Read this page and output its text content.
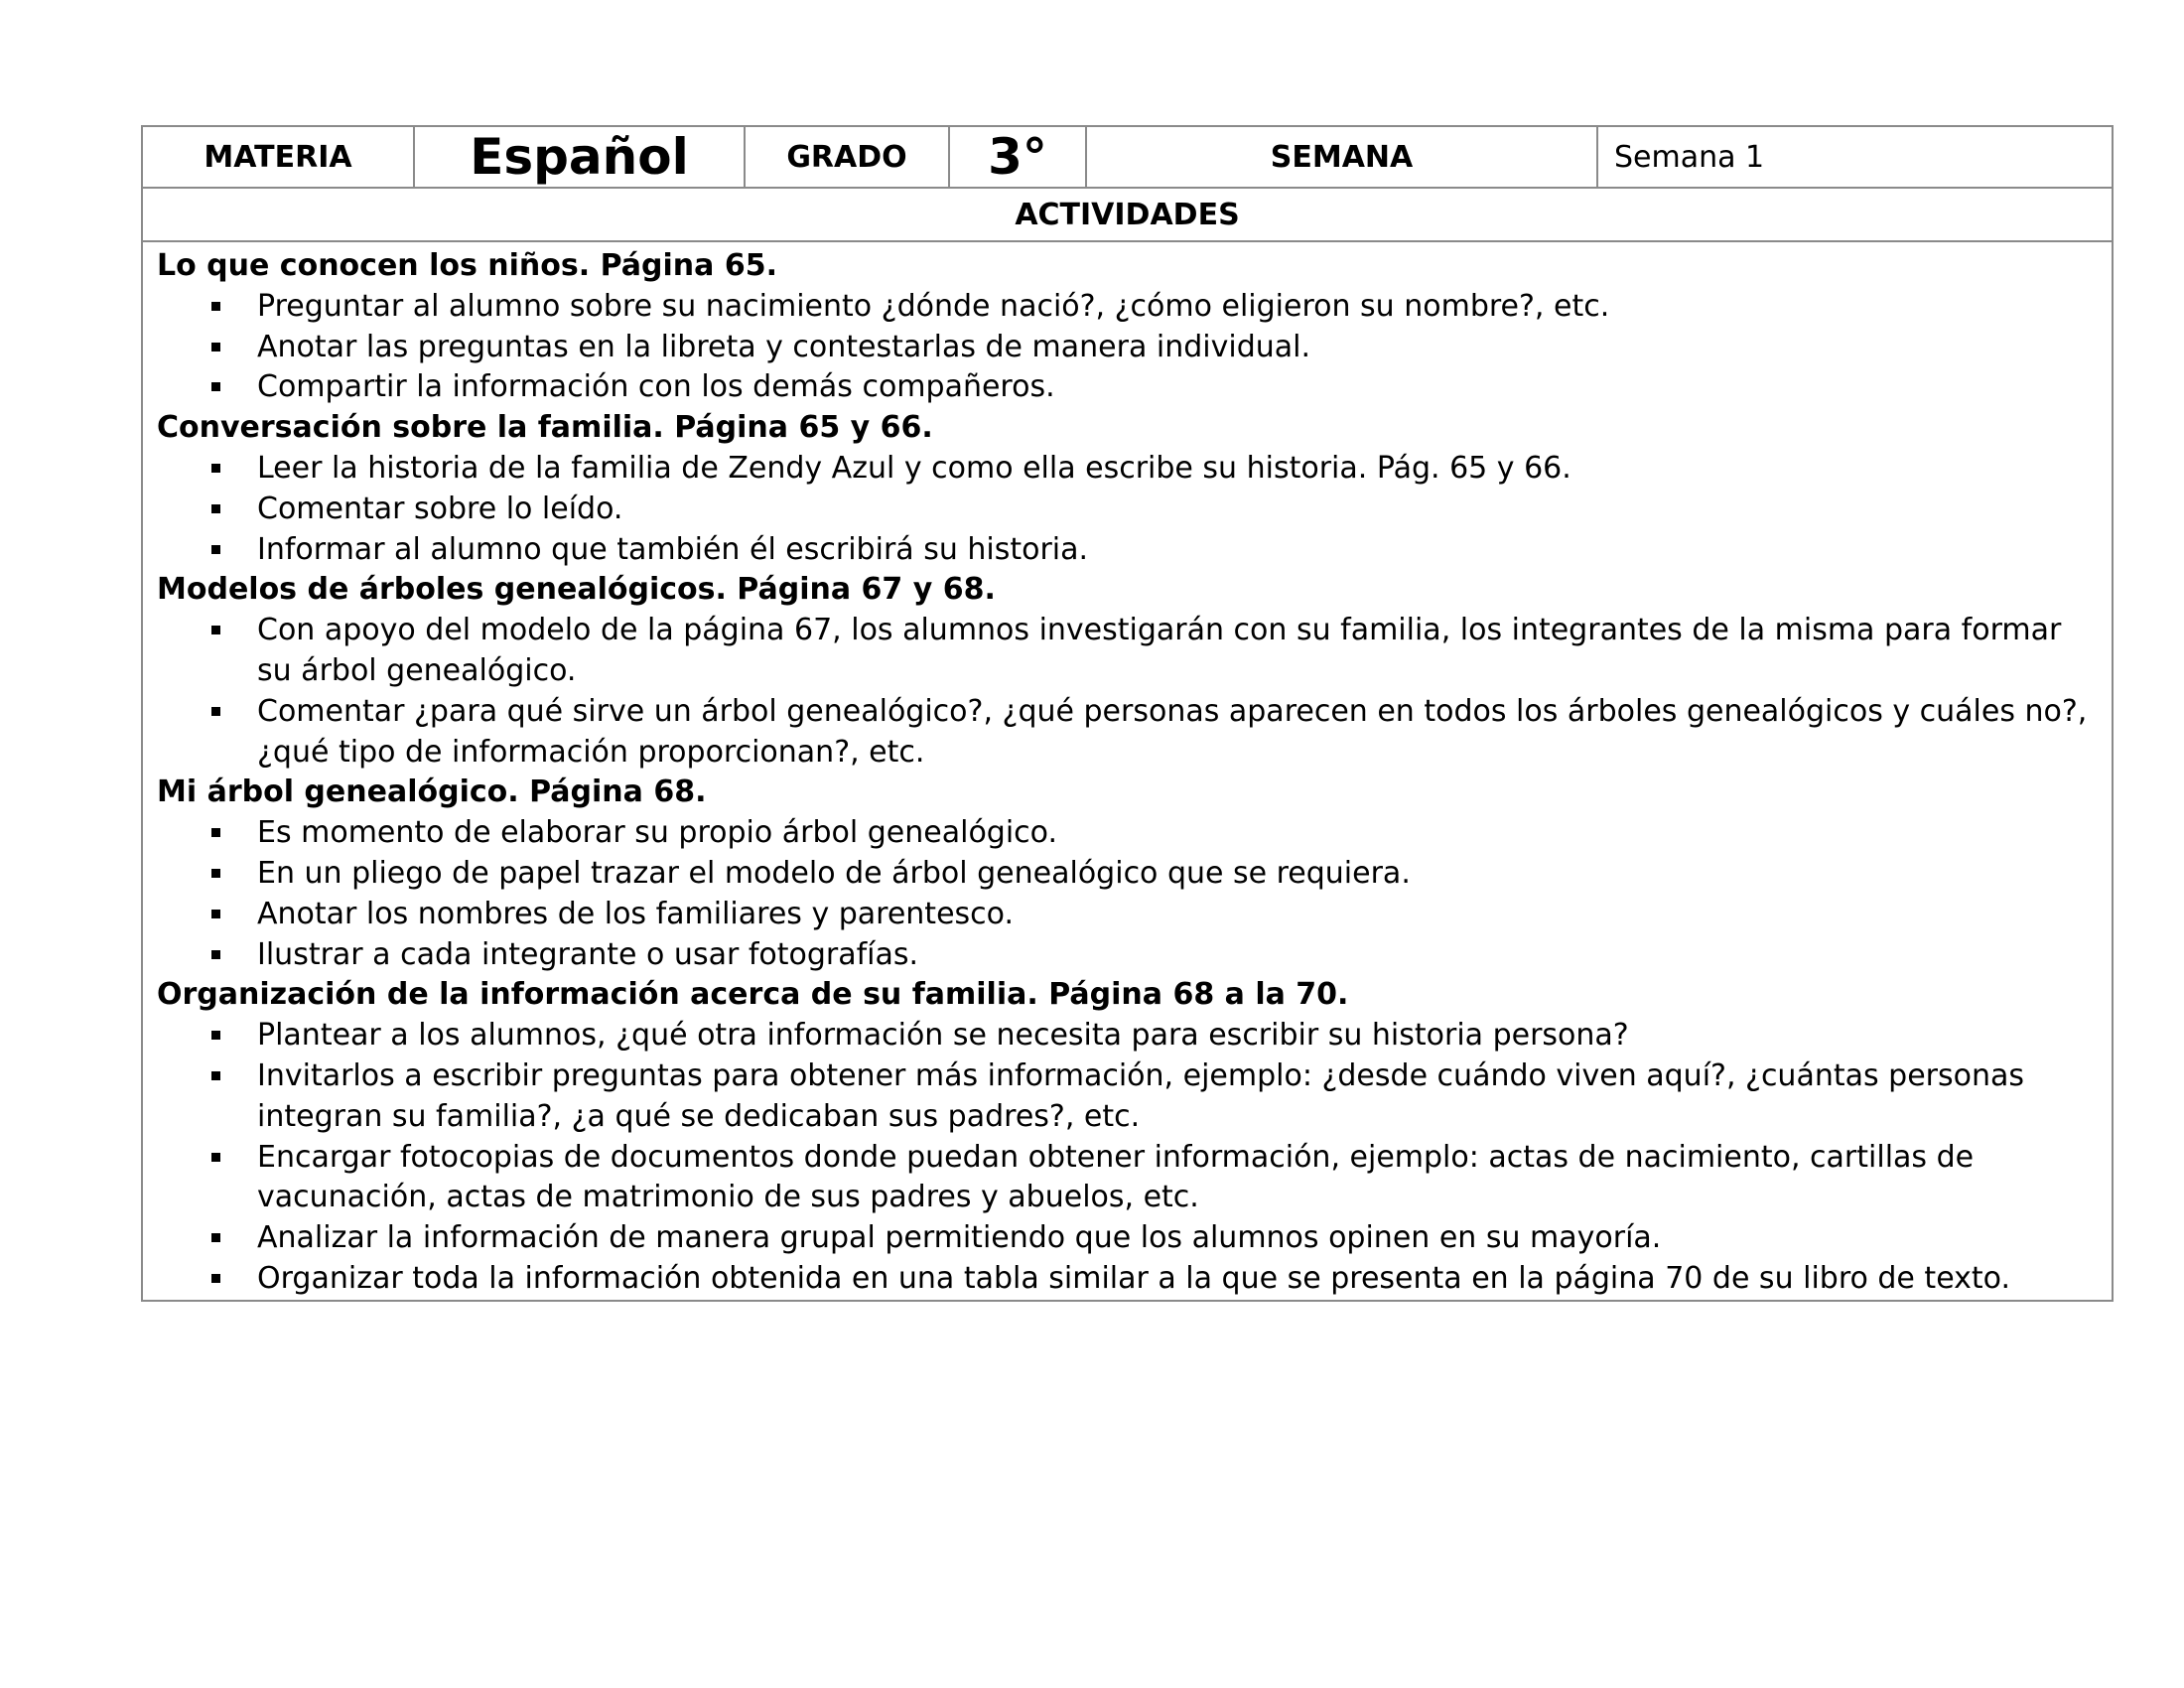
MATERIA	Español	GRADO	3°	SEMANA	Semana 1
ACTIVIDADES
Lo que conocen los niños. Página 65.
Preguntar al alumno sobre su nacimiento ¿dónde nació?, ¿cómo eligieron su nombre?, etc.
Anotar las preguntas en la libreta y contestarlas de manera individual.
Compartir la información con los demás compañeros.
Conversación sobre la familia. Página 65 y 66.
Leer la historia de la familia de Zendy Azul y como ella escribe su historia. Pág. 65 y 66.
Comentar sobre lo leído.
Informar al alumno que también él escribirá su historia.
Modelos de árboles genealógicos. Página 67 y 68.
Con apoyo del modelo de la página 67, los alumnos investigarán con su familia, los integrantes de la misma para formar su árbol genealógico.
Comentar ¿para qué sirve un árbol genealógico?, ¿qué personas aparecen en todos los árboles genealógicos y cuáles no?, ¿qué tipo de información proporcionan?, etc.
Mi árbol genealógico. Página 68.
Es momento de elaborar su propio árbol genealógico.
En un pliego de papel trazar el modelo de árbol genealógico que se requiera.
Anotar los nombres de los familiares y parentesco.
Ilustrar a cada integrante o usar fotografías.
Organización de la información acerca de su familia. Página 68 a la 70.
Plantear a los alumnos, ¿qué otra información se necesita para escribir su historia persona?
Invitarlos a escribir preguntas para obtener más información, ejemplo: ¿desde cuándo viven aquí?, ¿cuántas personas integran su familia?, ¿a qué se dedicaban sus padres?, etc.
Encargar fotocopias de documentos donde puedan obtener información, ejemplo: actas de nacimiento, cartillas de vacunación, actas de matrimonio de sus padres y abuelos, etc.
Analizar la información de manera grupal permitiendo que los alumnos opinen en su mayoría.
Organizar toda la información obtenida en una tabla similar a la que se presenta en la página 70 de su libro de texto.
